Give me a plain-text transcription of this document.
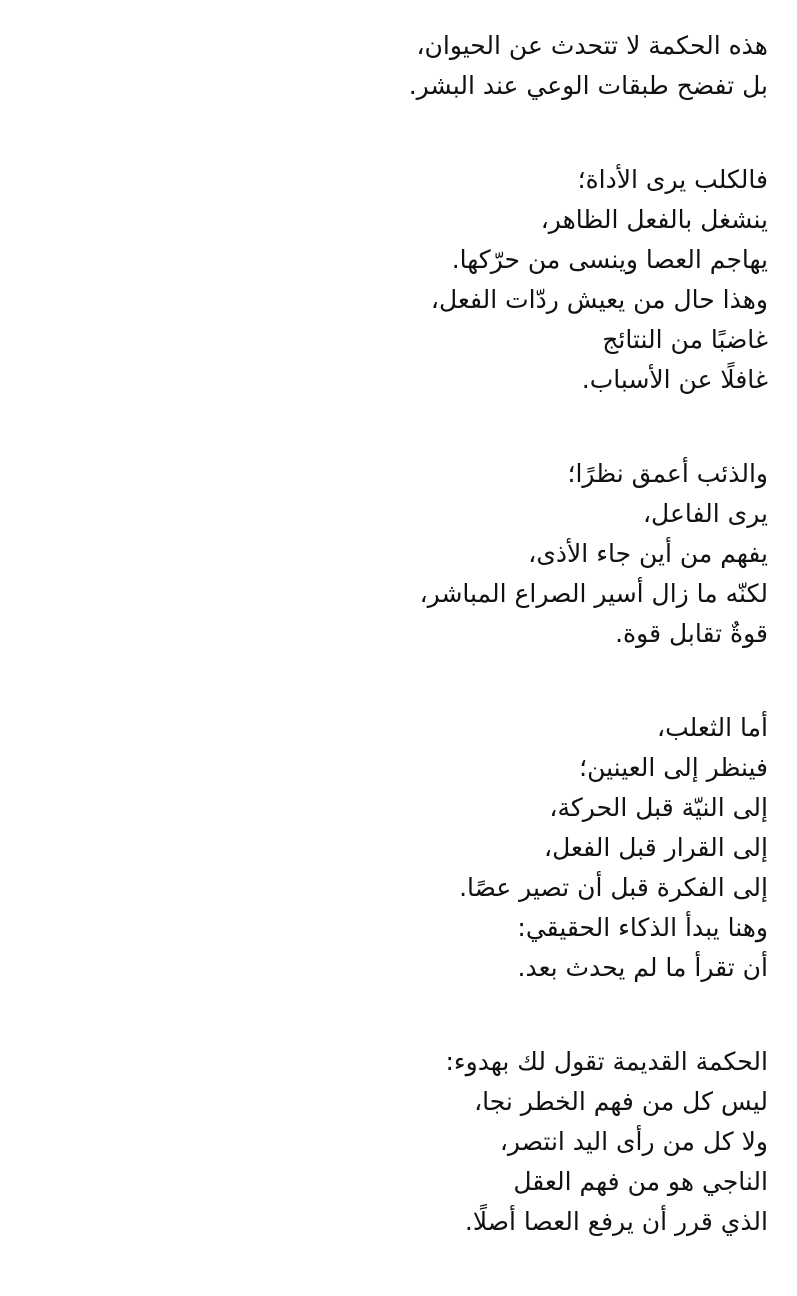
هذه الحكمة لا تتحدث عن الحيوان،
بل تفضح طبقات الوعي عند البشر.
فالكلب يرى الأداة؛
ينشغل بالفعل الظاهر،
يهاجم العصا وينسى من حرّكها.
وهذا حال من يعيش ردّات الفعل،
غاضبًا من النتائج
غافلًا عن الأسباب.
والذئب أعمق نظرًا؛
يرى الفاعل،
يفهم من أين جاء الأذى،
لكنّه ما زال أسير الصراع المباشر،
قوةٌ تقابل قوة.
أما الثعلب،
فينظر إلى العينين؛
إلى النيّة قبل الحركة،
إلى القرار قبل الفعل،
إلى الفكرة قبل أن تصير عصًا.
وهنا يبدأ الذكاء الحقيقي:
أن تقرأ ما لم يحدث بعد.
الحكمة القديمة تقول لك بهدوء:
ليس كل من فهم الخطر نجا،
ولا كل من رأى اليد انتصر،
الناجي هو من فهم العقل
الذي قرر أن يرفع العصا أصلًا.
